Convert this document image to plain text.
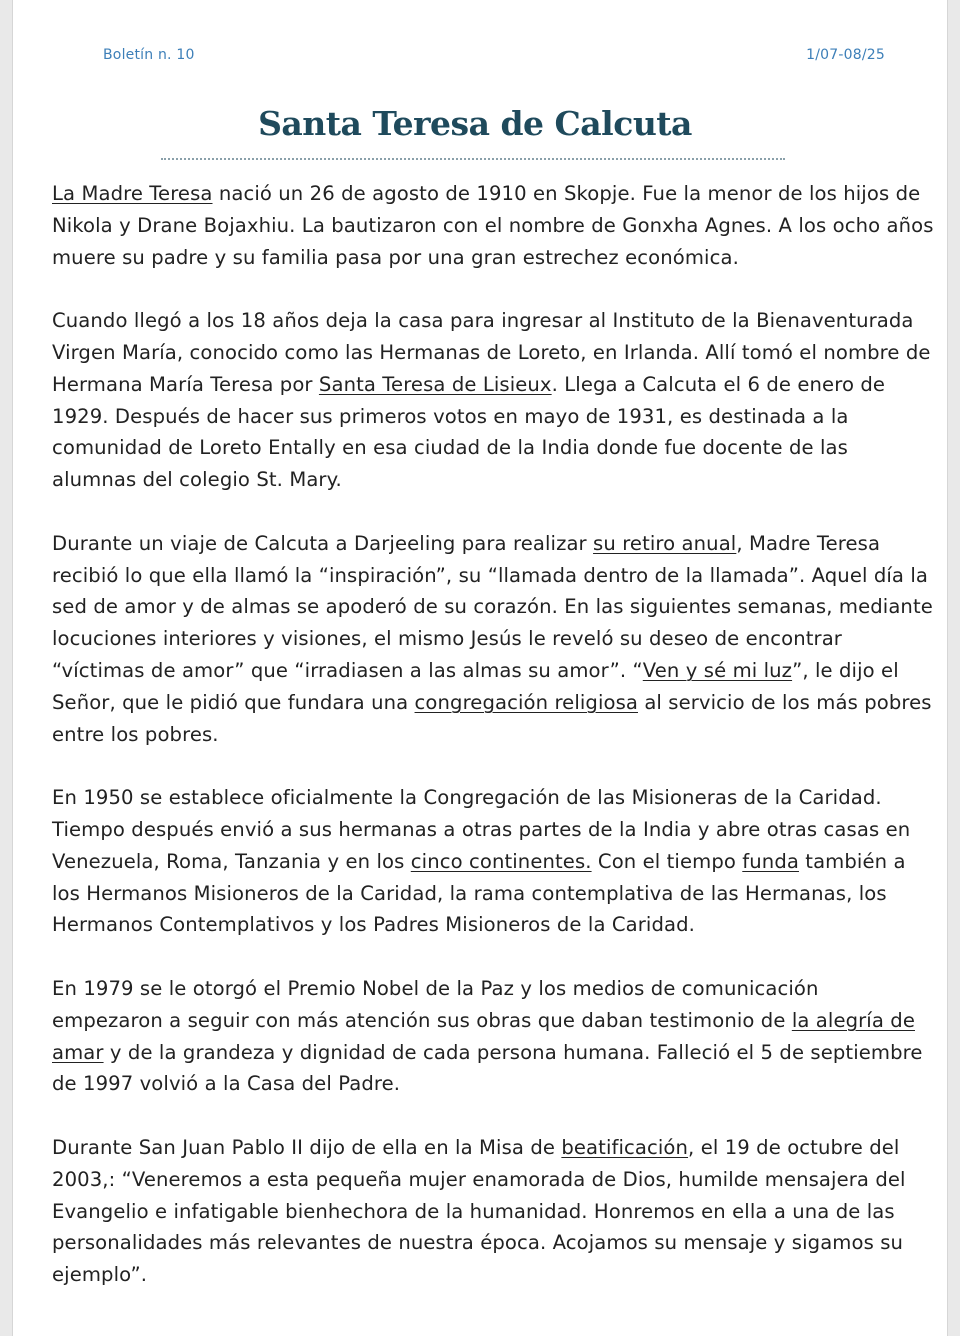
Boletín n. 10	1/07-08/25
Santa Teresa de Calcuta

La Madre Teresa nació un 26 de agosto de 1910 en Skopje. Fue la menor de los hijos de Nikola y Drane Bojaxhiu. La bautizaron con el nombre de Gonxha Agnes. A los ocho años muere su padre y su familia pasa por una gran estrechez económica.

Cuando llegó a los 18 años deja la casa para ingresar al Instituto de la Bienaventurada Virgen María, conocido como las Hermanas de Loreto, en Irlanda. Allí tomó el nombre de Hermana María Teresa por Santa Teresa de Lisieux. Llega a Calcuta el 6 de enero de 1929. Después de hacer sus primeros votos en mayo de 1931, es destinada a la comunidad de Loreto Entally en esa ciudad de la India donde fue docente de las alumnas del colegio St. Mary.

Durante un viaje de Calcuta a Darjeeling para realizar su retiro anual, Madre Teresa recibió lo que ella llamó la “inspiración”, su “llamada dentro de la llamada”. Aquel día la sed de amor y de almas se apoderó de su corazón. En las siguientes semanas, mediante locuciones interiores y visiones, el mismo Jesús le reveló su deseo de encontrar “víctimas de amor” que “irradiasen a las almas su amor”. “Ven y sé mi luz”, le dijo el Señor, que le pidió que fundara una congregación religiosa al servicio de los más pobres entre los pobres.

En 1950 se establece oficialmente la Congregación de las Misioneras de la Caridad. Tiempo después envió a sus hermanas a otras partes de la India y abre otras casas en Venezuela, Roma, Tanzania y en los cinco continentes. Con el tiempo funda también a los Hermanos Misioneros de la Caridad, la rama contemplativa de las Hermanas, los Hermanos Contemplativos y los Padres Misioneros de la Caridad.

En 1979 se le otorgó el Premio Nobel de la Paz y los medios de comunicación empezaron a seguir con más atención sus obras que daban testimonio de la alegría de amar y de la grandeza y dignidad de cada persona humana. Falleció el 5 de septiembre de 1997 volvió a la Casa del Padre.

Durante San Juan Pablo II dijo de ella en la Misa de beatificación, el 19 de octubre del 2003,: “Veneremos a esta pequeña mujer enamorada de Dios, humilde mensajera del Evangelio e infatigable bienhechora de la humanidad. Honremos en ella a una de las personalidades más relevantes de nuestra época. Acojamos su mensaje y sigamos su ejemplo”.
